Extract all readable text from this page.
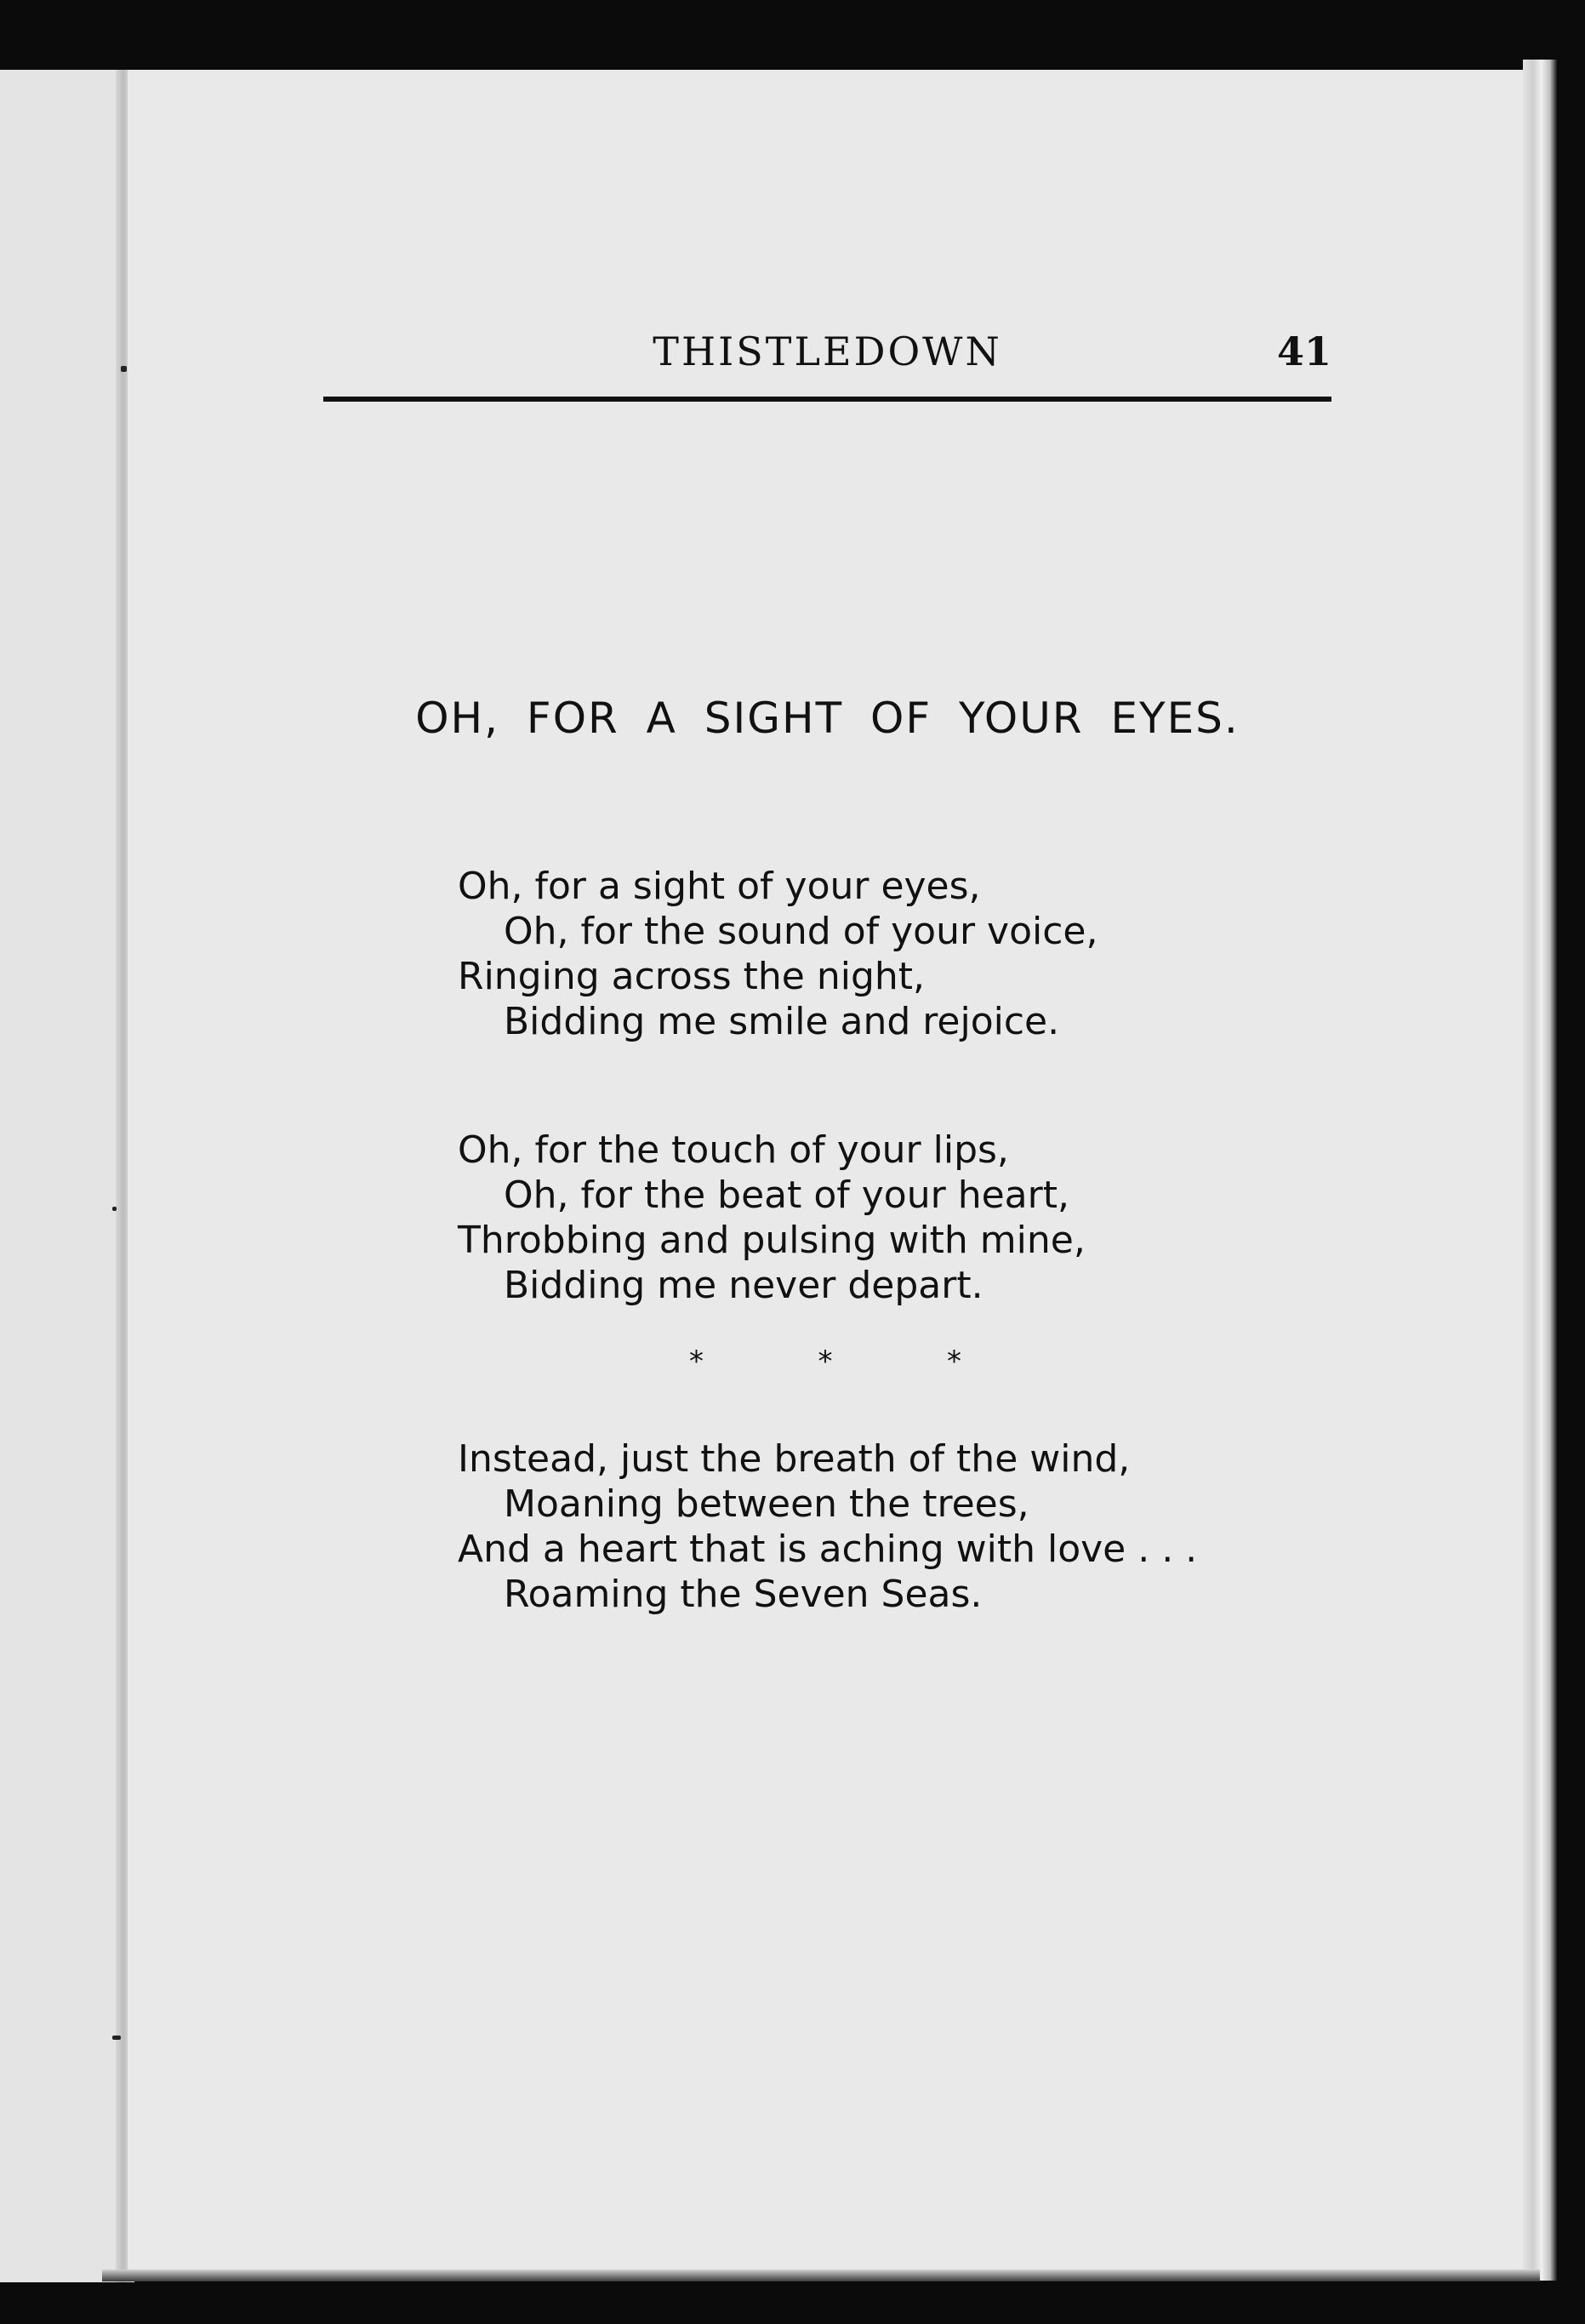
THISTLEDOWN	41
OH, FOR A SIGHT OF YOUR EYES.
Oh, for a sight of your eyes,
Oh, for the sound of your voice,
Ringing across the night,
Bidding me smile and rejoice.
Oh, for the touch of your lips,
Oh, for the beat of your heart,
Throbbing and pulsing with mine,
Bidding me never depart.
*	*	*
Instead, just the breath of the wind,
Moaning between the trees,
And a heart that is aching with love . . .
Roaming the Seven Seas.
